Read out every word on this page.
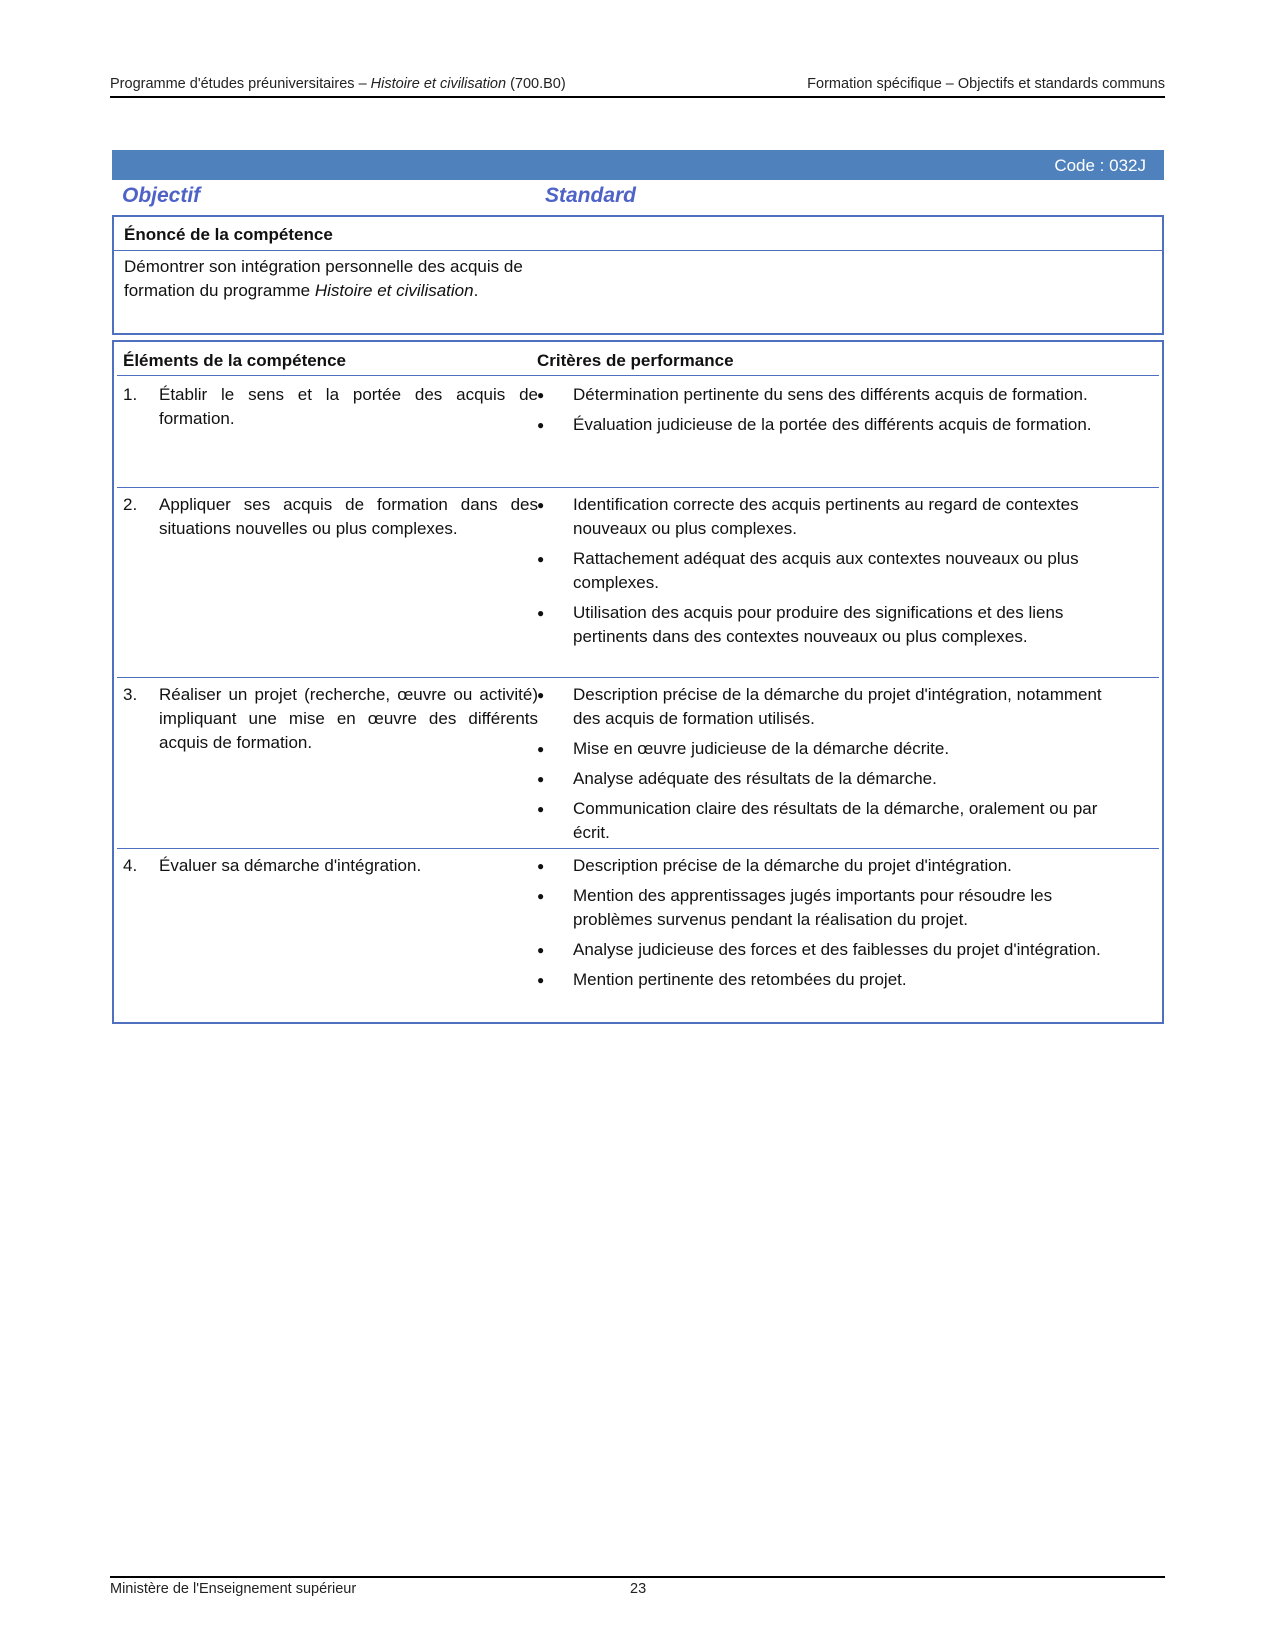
Programme d'études préuniversitaires – Histoire et civilisation (700.B0)	Formation spécifique – Objectifs et standards communs
Code : 032J
Objectif	Standard
Énoncé de la compétence
Démontrer son intégration personnelle des acquis de formation du programme Histoire et civilisation.
Éléments de la compétence	Critères de performance
1. Établir le sens et la portée des acquis de formation.
● Détermination pertinente du sens des différents acquis de formation.
● Évaluation judicieuse de la portée des différents acquis de formation.
2. Appliquer ses acquis de formation dans des situations nouvelles ou plus complexes.
● Identification correcte des acquis pertinents au regard de contextes nouveaux ou plus complexes.
● Rattachement adéquat des acquis aux contextes nouveaux ou plus complexes.
● Utilisation des acquis pour produire des significations et des liens pertinents dans des contextes nouveaux ou plus complexes.
3. Réaliser un projet (recherche, œuvre ou activité) impliquant une mise en œuvre des différents acquis de formation.
● Description précise de la démarche du projet d'intégration, notamment des acquis de formation utilisés.
● Mise en œuvre judicieuse de la démarche décrite.
● Analyse adéquate des résultats de la démarche.
● Communication claire des résultats de la démarche, oralement ou par écrit.
4. Évaluer sa démarche d'intégration.	● Description précise de la démarche du projet d'intégration.
● Mention des apprentissages jugés importants pour résoudre les problèmes survenus pendant la réalisation du projet.
● Analyse judicieuse des forces et des faiblesses du projet d'intégration.
● Mention pertinente des retombées du projet.
Ministère de l'Enseignement supérieur	23
